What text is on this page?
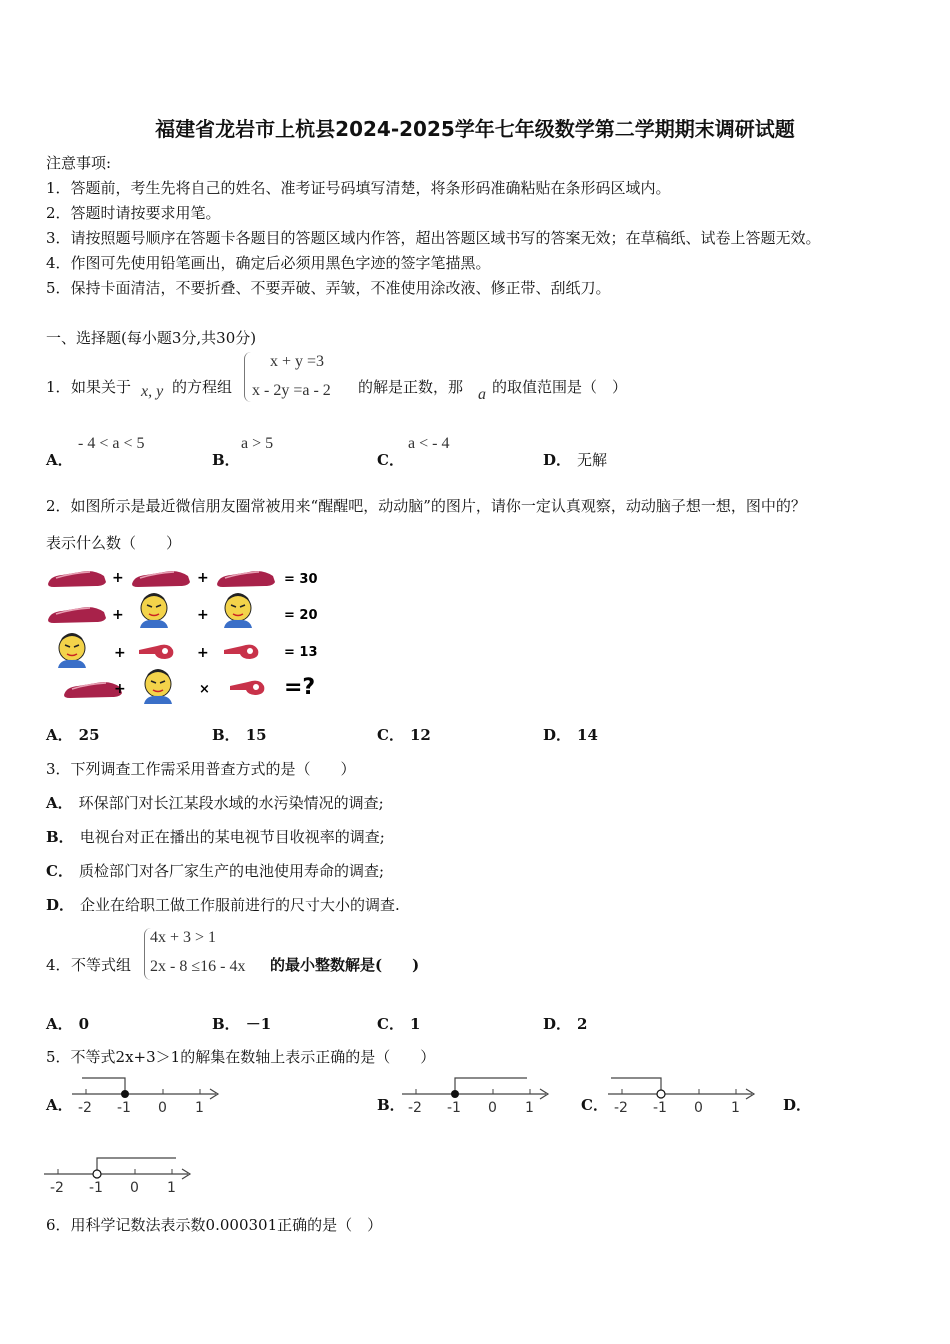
福建省龙岩市上杭县2024-2025学年七年级数学第二学期期末调研试题
注意事项:
1．答题前，考生先将自己的姓名、准考证号码填写清楚，将条形码准确粘贴在条形码区域内。
2．答题时请按要求用笔。
3．请按照题号顺序在答题卡各题目的答题区域内作答，超出答题区域书写的答案无效；在草稿纸、试卷上答题无效。
4．作图可先使用铅笔画出，确定后必须用黑色字迹的签字笔描黑。
5．保持卡面清洁，不要折叠、不要弄破、弄皱，不准使用涂改液、修正带、刮纸刀。
一、选择题(每小题3分,共30分)
1． 如果关于 x, y 的方程组
x + y =3
x - 2y =a - 2 的解是正数，那 a 的取值范围是（　）
A．
- 4 < a < 5
B．
a > 5
C．
a < - 4
D． 无解
2．如图所示是最近微信朋友圈常被用来“醒醒吧，动动脑”的图片，请你一定认真观察，动动脑子想一想，图中的？
表示什么数（　　）
+	+	= 30
+	+	= 20
+	+	= 13
+	×	=?
A． 25	B． 15	C． 12	D． 14
3．下列调查工作需采用普查方式的是（　　）
A． 环保部门对长江某段水域的水污染情况的调查;
B． 电视台对正在播出的某电视节目收视率的调查;
C． 质检部门对各厂家生产的电池使用寿命的调查;
D． 企业在给职工做工作服前进行的尺寸大小的调查.
4． 不等式组
4x + 3 > 1
2x - 8 ≤16 - 4x 的最小整数解是(　　)
A． 0	B． －1	C． 1	D． 2
5．不等式2x+3＞1的解集在数轴上表示正确的是（　　）
A． -2 -1 0 1	B． -2 -1 0 1	C． -2 -1 0 1	D．
-2 -1 0 1
6．用科学记数法表示数0.000301正确的是（　）
